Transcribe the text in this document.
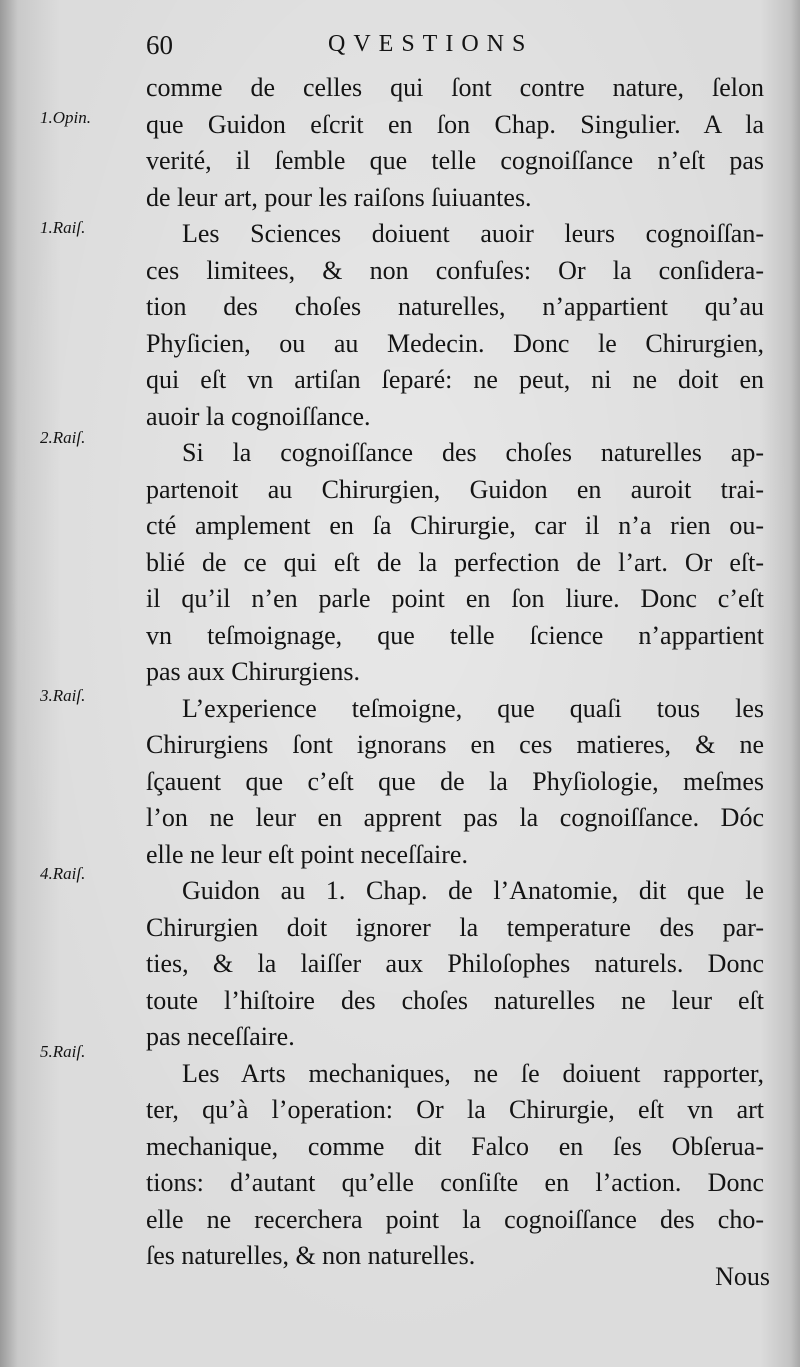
60	QVESTIONS
1.Opin.
1.Raiſ.
2.Raiſ.
3.Raiſ.
4.Raiſ.
5.Raiſ.
comme de celles qui ſont contre nature, ſelon
que Guidon eſcrit en ſon Chap. Singulier. A la
verité, il ſemble que telle cognoiſſance n’eſt pas
de leur art, pour les raiſons ſuiuantes.
Les Sciences doiuent auoir leurs cognoiſſan-
ces limitees, & non confuſes: Or la conſidera-
tion des choſes naturelles, n’appartient qu’au
Phyſicien, ou au Medecin. Donc le Chirurgien,
qui eſt vn artiſan ſeparé: ne peut, ni ne doit en
auoir la cognoiſſance.
Si la cognoiſſance des choſes naturelles ap-
partenoit au Chirurgien, Guidon en auroit trai-
cté amplement en ſa Chirurgie, car il n’a rien ou-
blié de ce qui eſt de la perfection de l’art. Or eſt-
il qu’il n’en parle point en ſon liure. Donc c’eſt
vn teſmoignage, que telle ſcience n’appartient
pas aux Chirurgiens.
L’experience teſmoigne, que quaſi tous les
Chirurgiens ſont ignorans en ces matieres, & ne
ſçauent que c’eſt que de la Phyſiologie, meſmes
l’on ne leur en apprent pas la cognoiſſance. Dóc
elle ne leur eſt point neceſſaire.
Guidon au 1. Chap. de l’Anatomie, dit que le
Chirurgien doit ignorer la temperature des par-
ties, & la laiſſer aux Philoſophes naturels. Donc
toute l’hiſtoire des choſes naturelles ne leur eſt
pas neceſſaire.
Les Arts mechaniques, ne ſe doiuent rapporter,
ter, qu’à l’operation: Or la Chirurgie, eſt vn art
mechanique, comme dit Falco en ſes Obſerua-
tions: d’autant qu’elle conſiſte en l’action. Donc
elle ne recerchera point la cognoiſſance des cho-
ſes naturelles, & non naturelles.
Nous
